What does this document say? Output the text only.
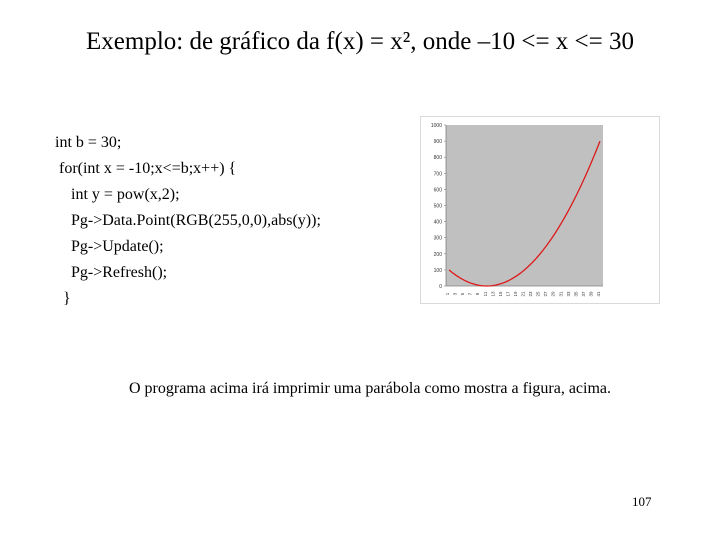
Exemplo: de gráfico da f(x) = x², onde –10 <= x <= 30
int b = 30;
for(int x = -10;x<=b;x++) {
int y = pow(x,2);
Pg->Data.Point(RGB(255,0,0),abs(y));
Pg->Update();
Pg->Refresh();
}
0
100
200
300
400
500
600
700
800
900
1000
1 3 5 7 9 11 13 15 17 19 21 23 25 27 29 31 33 35 37 39 41
O programa acima irá imprimir uma parábola como mostra a figura, acima.
107
